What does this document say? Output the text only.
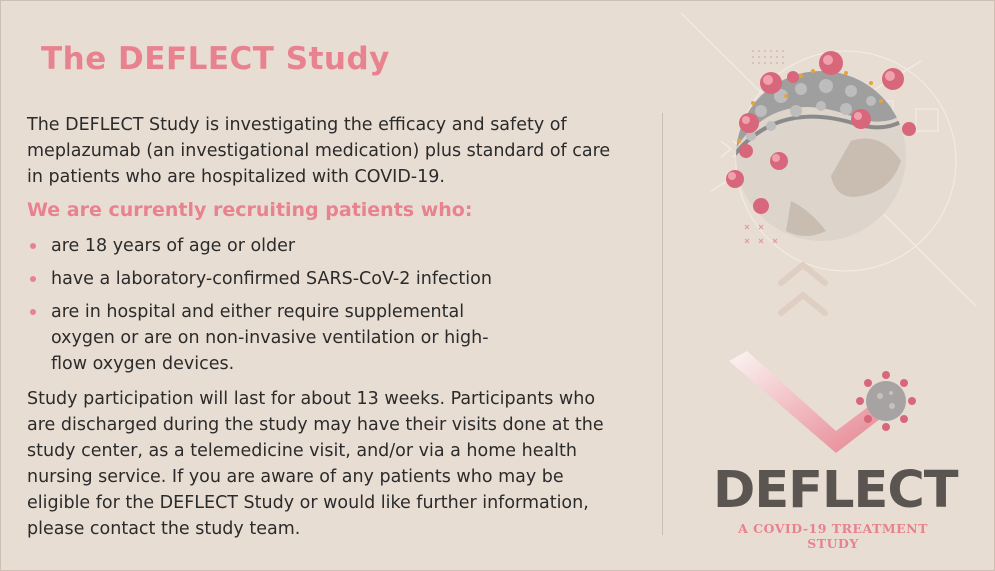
The DEFLECT Study

The DEFLECT Study is investigating the efficacy and safety of meplazumab (an investigational medication) plus standard of care in patients who are hospitalized with COVID-19.

We are currently recruiting patients who:
are 18 years of age or older
have a laboratory-confirmed SARS-CoV-2 infection
are in hospital and either require supplemental oxygen or are on non-invasive ventilation or high-flow oxygen devices.

Study participation will last for about 13 weeks. Participants who are discharged during the study may have their visits done at the study center, as a telemedicine visit, and/or via a home health nursing service. If you are aware of any patients who may be eligible for the DEFLECT Study or would like further information, please contact the study team.

DEFLECT
A COVID-19 TREATMENT STUDY
